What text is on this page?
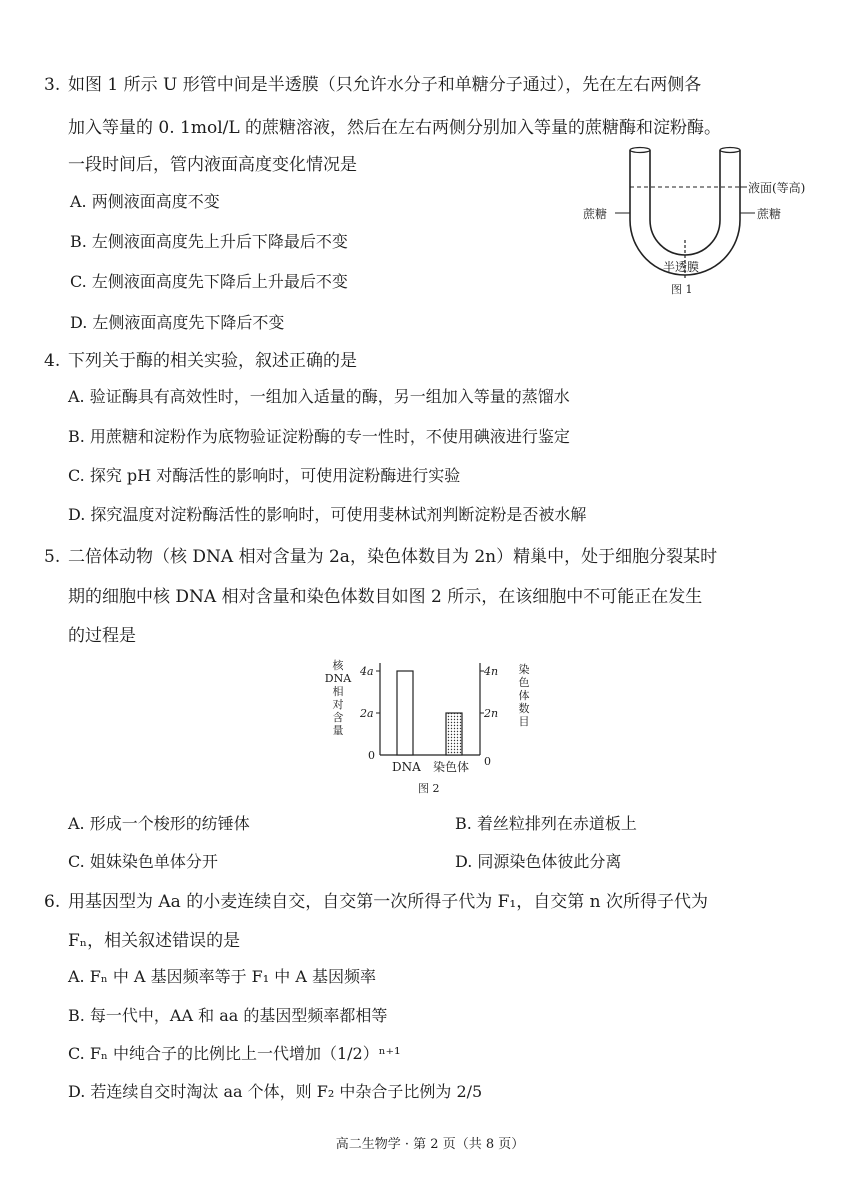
3. 如图 1 所示 U 形管中间是半透膜（只允许水分子和单糖分子通过），先在左右两侧各
加入等量的 0. 1mol/L 的蔗糖溶液，然后在左右两侧分别加入等量的蔗糖酶和淀粉酶。
一段时间后，管内液面高度变化情况是
A. 两侧液面高度不变
B. 左侧液面高度先上升后下降最后不变
C. 左侧液面高度先下降后上升最后不变
D. 左侧液面高度先下降后不变
液面(等高)
蔗糖	蔗糖
半透膜
图 1
4. 下列关于酶的相关实验，叙述正确的是
A. 验证酶具有高效性时，一组加入适量的酶，另一组加入等量的蒸馏水
B. 用蔗糖和淀粉作为底物验证淀粉酶的专一性时，不使用碘液进行鉴定
C. 探究 pH 对酶活性的影响时，可使用淀粉酶进行实验
D. 探究温度对淀粉酶活性的影响时，可使用斐林试剂判断淀粉是否被水解
5. 二倍体动物（核 DNA 相对含量为 2a，染色体数目为 2n）精巢中，处于细胞分裂某时
期的细胞中核 DNA 相对含量和染色体数目如图 2 所示，在该细胞中不可能正在发生
的过程是
核
DNA
相
对
含
量
染
色
体
数
目
4a
2a
0
4n
2n
0
DNA 染色体
图 2
A. 形成一个梭形的纺锤体	B. 着丝粒排列在赤道板上
C. 姐妹染色单体分开	D. 同源染色体彼此分离
6. 用基因型为 Aa 的小麦连续自交，自交第一次所得子代为 F₁，自交第 n 次所得子代为
Fₙ，相关叙述错误的是
A. Fₙ 中 A 基因频率等于 F₁ 中 A 基因频率
B. 每一代中，AA 和 aa 的基因型频率都相等
C. Fₙ 中纯合子的比例比上一代增加（1/2）ⁿ⁺¹
D. 若连续自交时淘汰 aa 个体，则 F₂ 中杂合子比例为 2/5
高二生物学 · 第 2 页（共 8 页）
